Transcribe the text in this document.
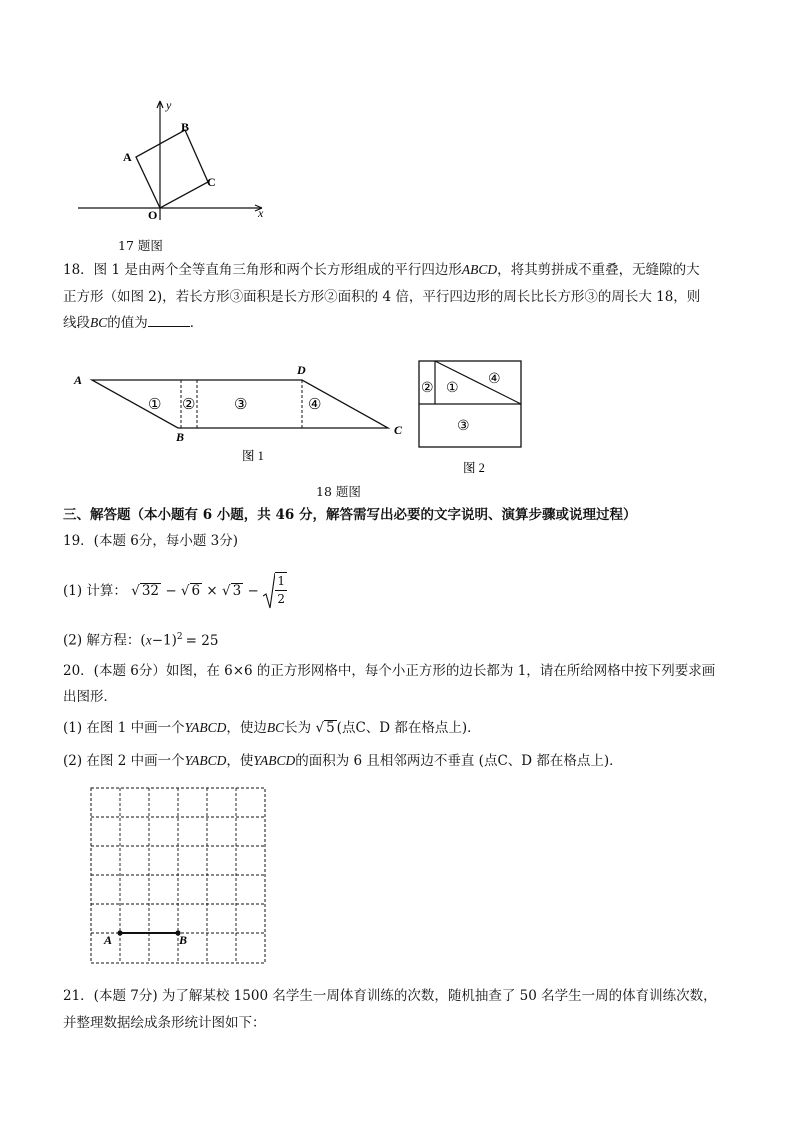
y
x
O
A
B
C
17 题图
18．图 1 是由两个全等直角三角形和两个长方形组成的平行四边形ABCD，将其剪拼成不重叠，无缝隙的大
正方形（如图 2)，若长方形③面积是长方形②面积的 4 倍，平行四边形的周长比长方形③的周长大 18，则
线段BC的值为	．
A
B	C
D
① ②	③	④
图 1
② ①
④
③
图 2
18 题图
三、解答题（本小题有 6 小题，共 46 分，解答需写出必要的文字说明、演算步骤或说理过程）
19．(本题 6分，每小题 3分)
(1) 计算： √ 32 − √ 6 × √ $3 - \frac{1}{2}$
(2) 解方程：$(x-1)^2 = 25$
20．(本题 6分）如图，在 6×6 的正方形网格中，每个小正方形的边长都为 1，请在所给网格中按下列要求画
出图形．
(1) 在图 1 中画一个YABCD，使边BC长为 √ 5 (点C、D 都在格点上)．
(2) 在图 2 中画一个YABCD，使YABCD的面积为 6 且相邻两边不垂直 (点C、D 都在格点上)．
A	B
21．(本题 7分) 为了解某校 1500 名学生一周体育训练的次数，随机抽查了 50 名学生一周的体育训练次数，
并整理数据绘成条形统计图如下：
